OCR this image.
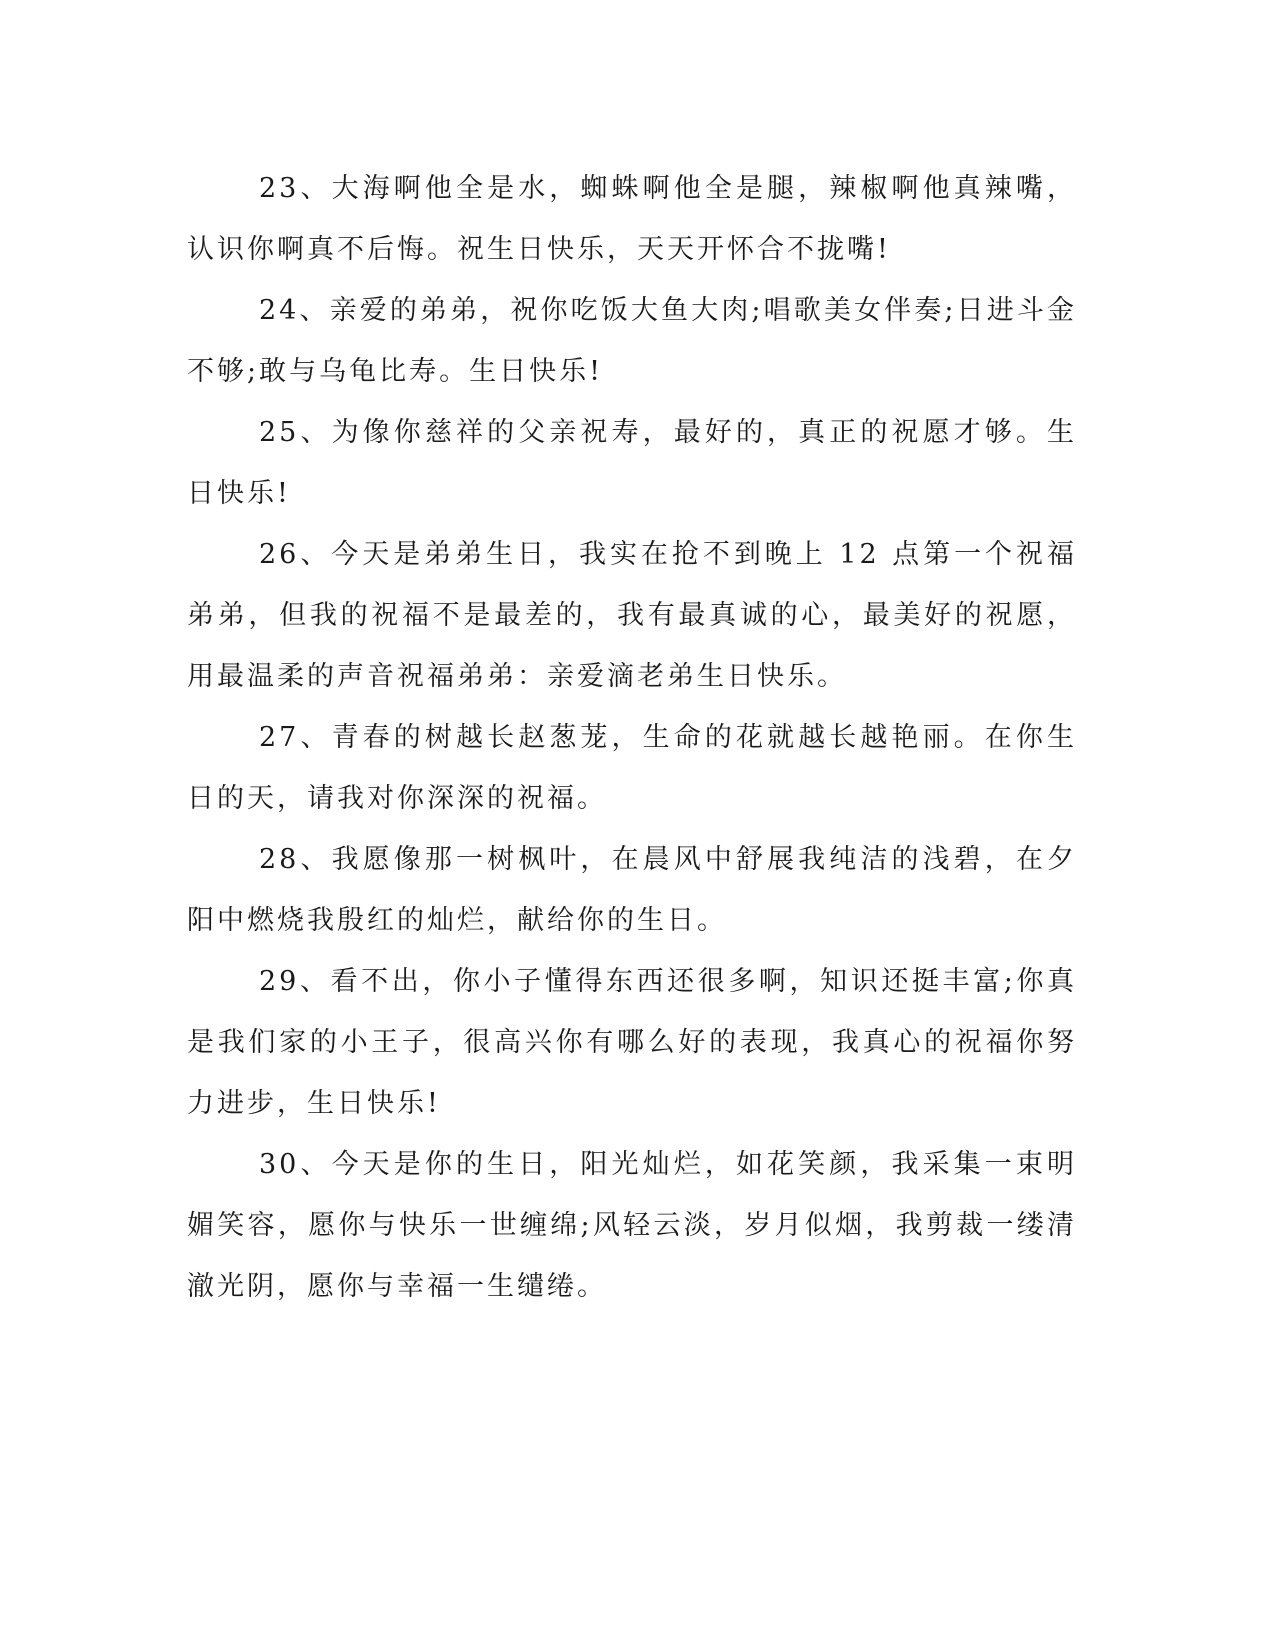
23、大海啊他全是水，蜘蛛啊他全是腿，辣椒啊他真辣嘴，认识你啊真不后悔。祝生日快乐，天天开怀合不拢嘴!

24、亲爱的弟弟，祝你吃饭大鱼大肉;唱歌美女伴奏;日进斗金不够;敢与乌龟比寿。生日快乐!

25、为像你慈祥的父亲祝寿，最好的，真正的祝愿才够。生日快乐!

26、今天是弟弟生日，我实在抢不到晚上 12 点第一个祝福弟弟，但我的祝福不是最差的，我有最真诚的心，最美好的祝愿，用最温柔的声音祝福弟弟：亲爱滴老弟生日快乐。

27、青春的树越长赵葱茏，生命的花就越长越艳丽。在你生日的天，请我对你深深的祝福。

28、我愿像那一树枫叶，在晨风中舒展我纯洁的浅碧，在夕阳中燃烧我殷红的灿烂，献给你的生日。

29、看不出，你小子懂得东西还很多啊，知识还挺丰富;你真是我们家的小王子，很高兴你有哪么好的表现，我真心的祝福你努力进步，生日快乐!

30、今天是你的生日，阳光灿烂，如花笑颜，我采集一束明媚笑容，愿你与快乐一世缠绵;风轻云淡，岁月似烟，我剪裁一缕清澈光阴，愿你与幸福一生缱绻。
